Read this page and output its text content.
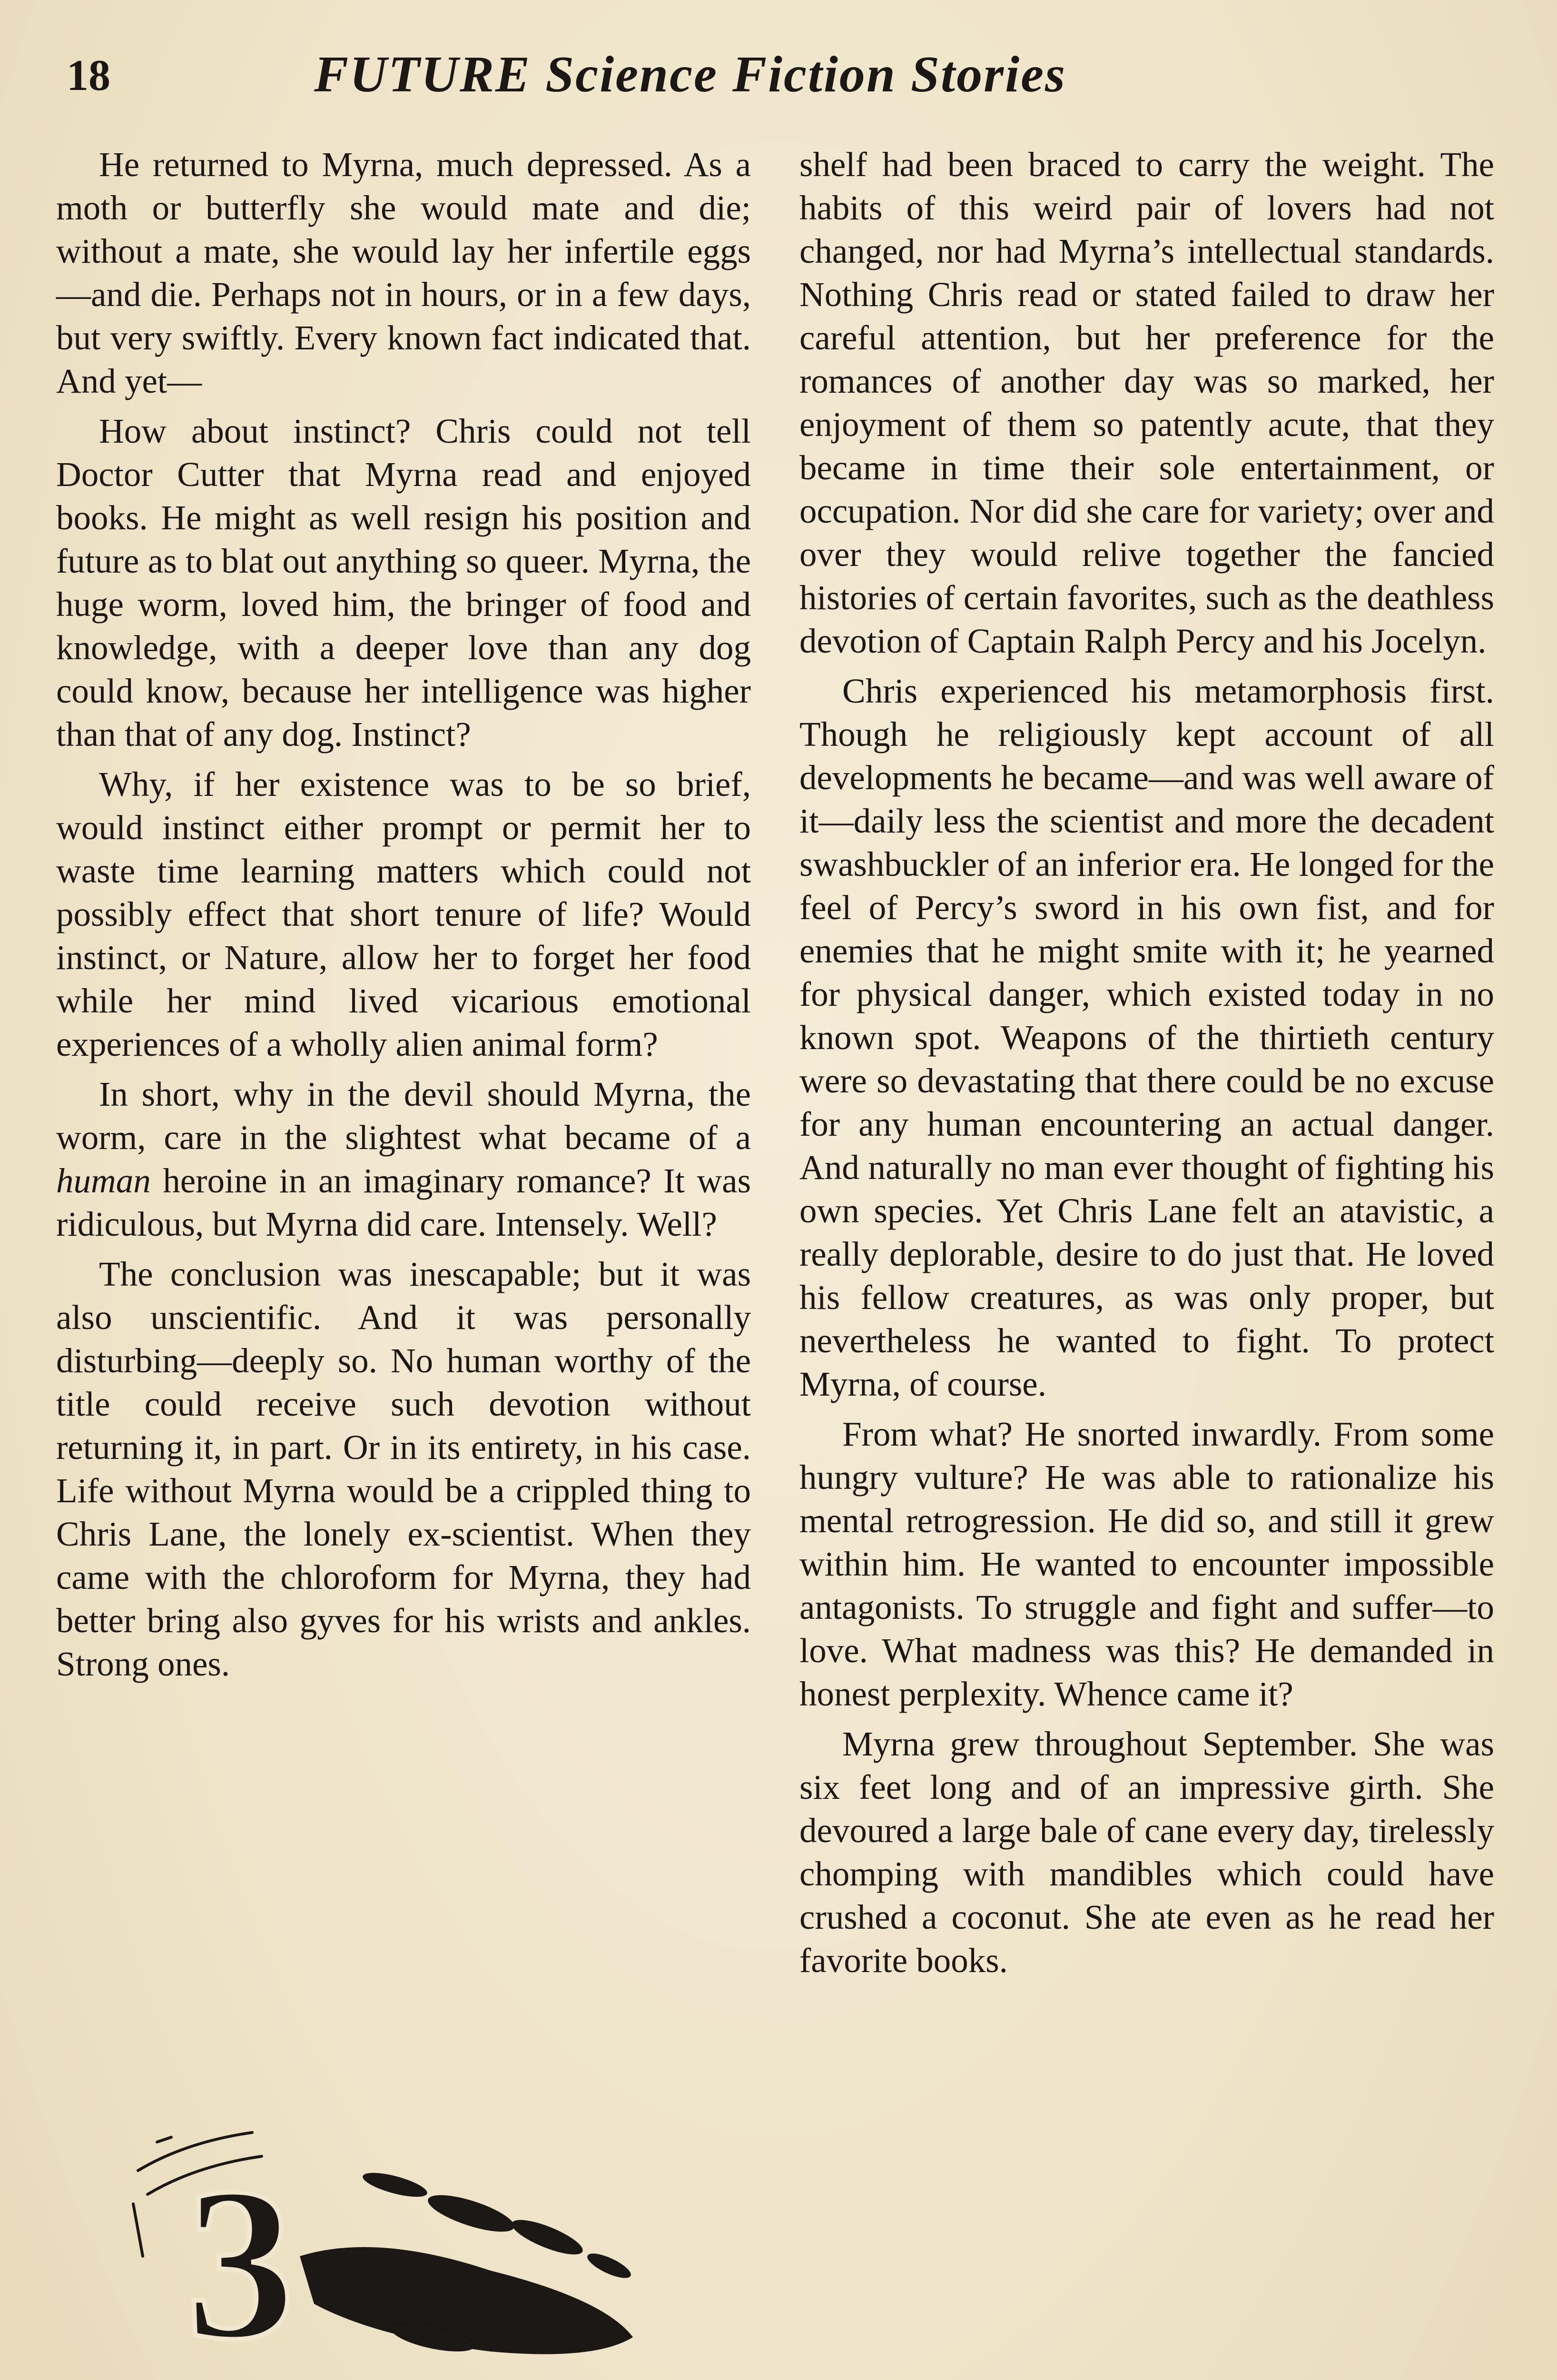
18	FUTURE Science Fiction Stories

He returned to Myrna, much depressed. As a moth or butterfly she would mate and die; without a mate, she would lay her infertile eggs—and die. Perhaps not in hours, or in a few days, but very swiftly. Every known fact indicated that. And yet—

How about instinct? Chris could not tell Doctor Cutter that Myrna read and enjoyed books. He might as well resign his position and future as to blat out anything so queer. Myrna, the huge worm, loved him, the bringer of food and knowledge, with a deeper love than any dog could know, because her intelligence was higher than that of any dog. Instinct?

Why, if her existence was to be so brief, would instinct either prompt or permit her to waste time learning matters which could not possibly effect that short tenure of life? Would instinct, or Nature, allow her to forget her food while her mind lived vicarious emotional experiences of a wholly alien animal form?

In short, why in the devil should Myrna, the worm, care in the slightest what became of a human heroine in an imaginary romance? It was ridiculous, but Myrna did care. Intensely. Well?

The conclusion was inescapable; but it was also unscientific. And it was personally disturbing—deeply so. No human worthy of the title could receive such devotion without returning it, in part. Or in its entirety, in his case. Life without Myrna would be a crippled thing to Chris Lane, the lonely ex-scientist. When they came with the chloroform for Myrna, they had better bring also gyves for his wrists and ankles. Strong ones.

3

shelf had been braced to carry the weight. The habits of this weird pair of lovers had not changed, nor had Myrna’s intellectual standards. Nothing Chris read or stated failed to draw her careful attention, but her preference for the romances of another day was so marked, her enjoyment of them so patently acute, that they became in time their sole entertainment, or occupation. Nor did she care for variety; over and over they would relive together the fancied histories of certain favorites, such as the deathless devotion of Captain Ralph Percy and his Jocelyn.

Chris experienced his metamorphosis first. Though he religiously kept account of all developments he became—and was well aware of it—daily less the scientist and more the decadent swashbuckler of an inferior era. He longed for the feel of Percy’s sword in his own fist, and for enemies that he might smite with it; he yearned for physical danger, which existed today in no known spot. Weapons of the thirtieth century were so devastating that there could be no excuse for any human encountering an actual danger. And naturally no man ever thought of fighting his own species. Yet Chris Lane felt an atavistic, a really deplorable, desire to do just that. He loved his fellow creatures, as was only proper, but nevertheless he wanted to fight. To protect Myrna, of course.

From what? He snorted inwardly. From some hungry vulture? He was able to rationalize his mental retrogression. He did so, and still it grew within him. He wanted to encounter impossible antagonists. To struggle and fight and suffer—to love. What madness was this? He demanded in honest perplexity. Whence came it?

Myrna grew throughout September. She was six feet long and of an impressive girth. She devoured a large bale of cane every day, tirelessly chomping with mandibles which could have crushed a coconut. She ate even as he read her favorite books.
